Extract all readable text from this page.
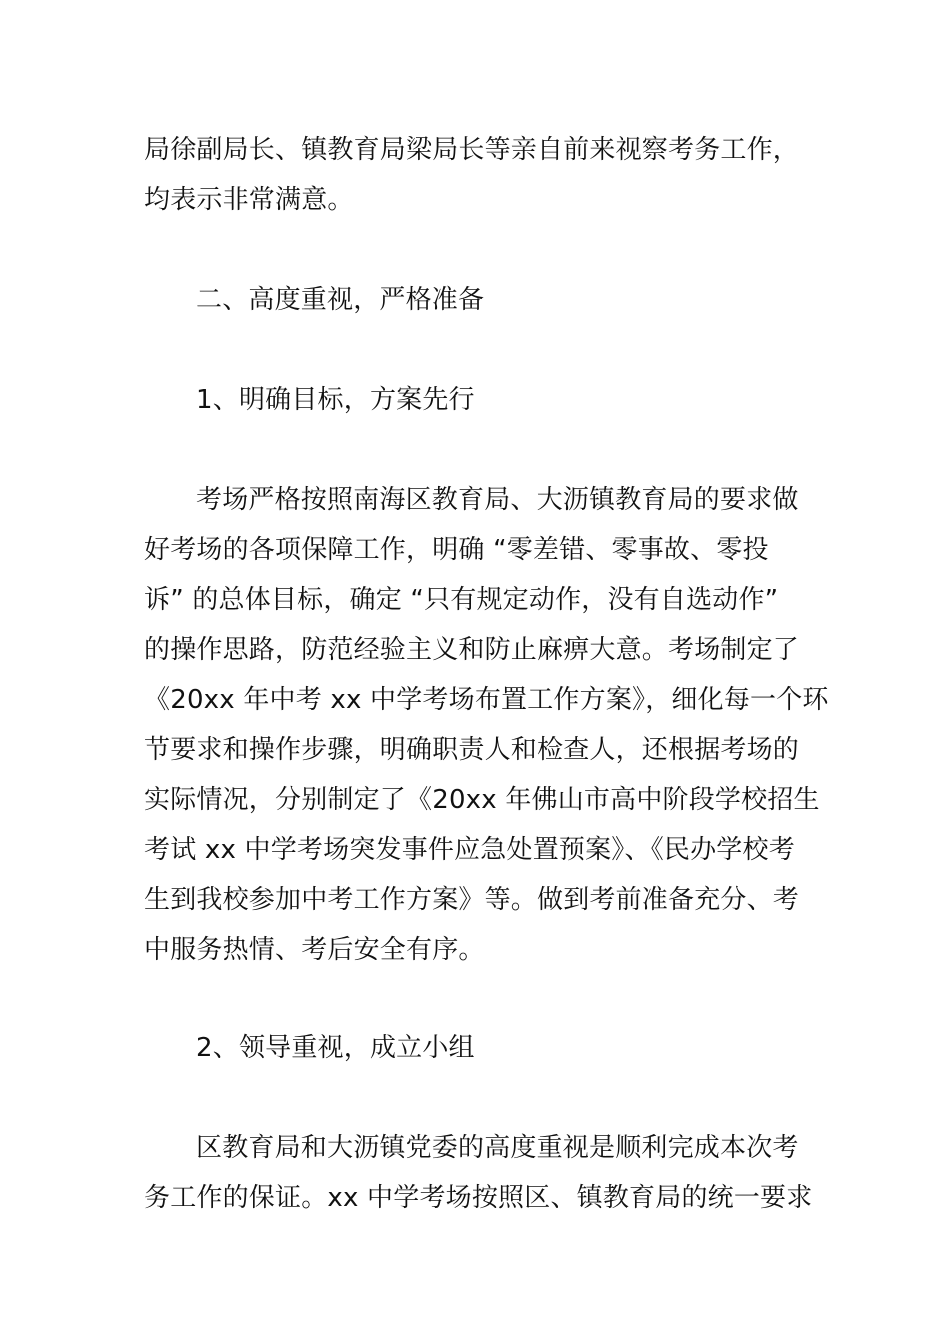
局徐副局长、镇教育局梁局长等亲自前来视察考务工作，
均表示非常满意。
二、高度重视，严格准备
1、明确目标，方案先行
考场严格按照南海区教育局、大沥镇教育局的要求做
好考场的各项保障工作，明确 “零差错、零事故、零投
诉” 的总体目标，确定 “只有规定动作，没有自选动作”
的操作思路，防范经验主义和防止麻痹大意。考场制定了
《20xx 年中考 xx 中学考场布置工作方案》，细化每一个环
节要求和操作步骤，明确职责人和检查人，还根据考场的
实际情况，分别制定了《20xx 年佛山市高中阶段学校招生
考试 xx 中学考场突发事件应急处置预案》、《民办学校考
生到我校参加中考工作方案》等。做到考前准备充分、考
中服务热情、考后安全有序。
2、领导重视，成立小组
区教育局和大沥镇党委的高度重视是顺利完成本次考
务工作的保证。xx 中学考场按照区、镇教育局的统一要求
